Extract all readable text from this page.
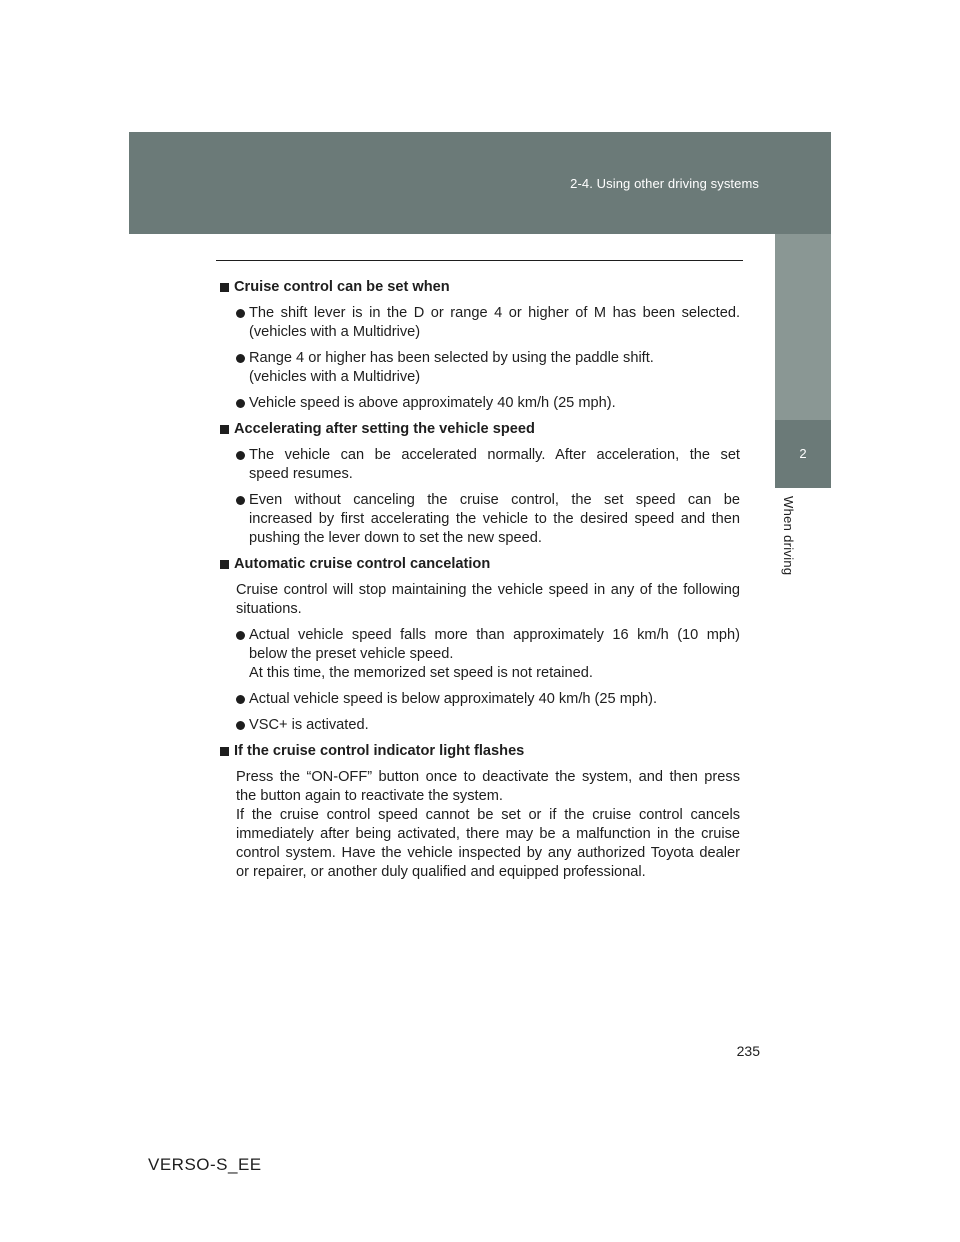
2-4. Using other driving systems
2
When driving
Cruise control can be set when
The shift lever is in the D or range 4 or higher of M has been selected.
(vehicles with a Multidrive)
Range 4 or higher has been selected by using the paddle shift.
(vehicles with a Multidrive)
Vehicle speed is above approximately 40 km/h (25 mph).
Accelerating after setting the vehicle speed
The vehicle can be accelerated normally. After acceleration, the set
speed resumes.
Even without canceling the cruise control, the set speed can be
increased by first accelerating the vehicle to the desired speed and then
pushing the lever down to set the new speed.
Automatic cruise control cancelation
Cruise control will stop maintaining the vehicle speed in any of the following
situations.
Actual vehicle speed falls more than approximately 16 km/h (10 mph)
below the preset vehicle speed.
At this time, the memorized set speed is not retained.
Actual vehicle speed is below approximately 40 km/h (25 mph).
VSC+ is activated.
If the cruise control indicator light flashes
Press the “ON-OFF” button once to deactivate the system, and then press
the button again to reactivate the system.
If the cruise control speed cannot be set or if the cruise control cancels
immediately after being activated, there may be a malfunction in the cruise
control system. Have the vehicle inspected by any authorized Toyota dealer
or repairer, or another duly qualified and equipped professional.
235
VERSO-S_EE
